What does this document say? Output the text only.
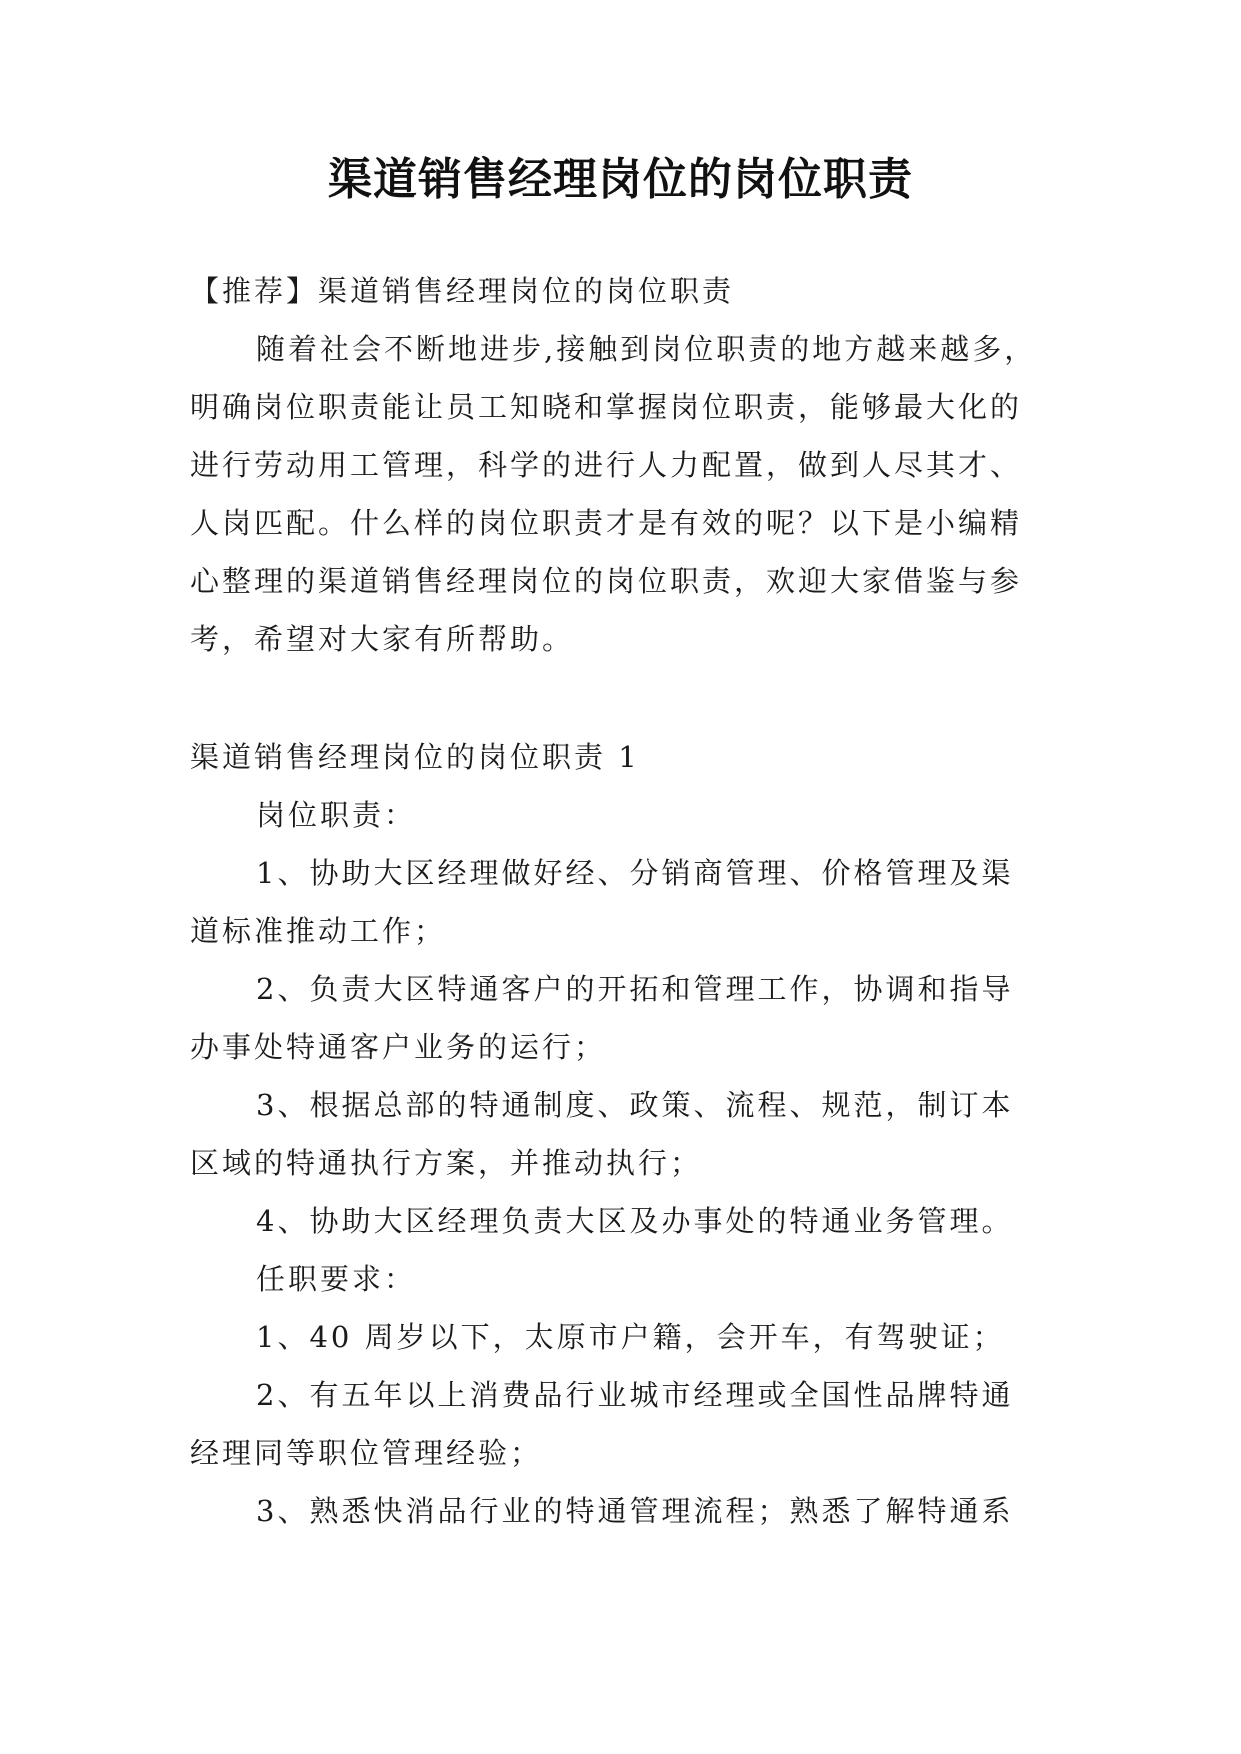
渠道销售经理岗位的岗位职责
【推荐】渠道销售经理岗位的岗位职责
随着社会不断地进步,接触到岗位职责的地方越来越多，
明确岗位职责能让员工知晓和掌握岗位职责，能够最大化的
进行劳动用工管理，科学的进行人力配置，做到人尽其才、
人岗匹配。什么样的岗位职责才是有效的呢？以下是小编精
心整理的渠道销售经理岗位的岗位职责，欢迎大家借鉴与参
考，希望对大家有所帮助。
渠道销售经理岗位的岗位职责 1
岗位职责：
1、协助大区经理做好经、分销商管理、价格管理及渠
道标准推动工作；
2、负责大区特通客户的开拓和管理工作，协调和指导
办事处特通客户业务的运行；
3、根据总部的特通制度、政策、流程、规范，制订本
区域的特通执行方案，并推动执行；
4、协助大区经理负责大区及办事处的特通业务管理。
任职要求：
1、40 周岁以下，太原市户籍，会开车，有驾驶证；
2、有五年以上消费品行业城市经理或全国性品牌特通
经理同等职位管理经验；
3、熟悉快消品行业的特通管理流程；熟悉了解特通系
